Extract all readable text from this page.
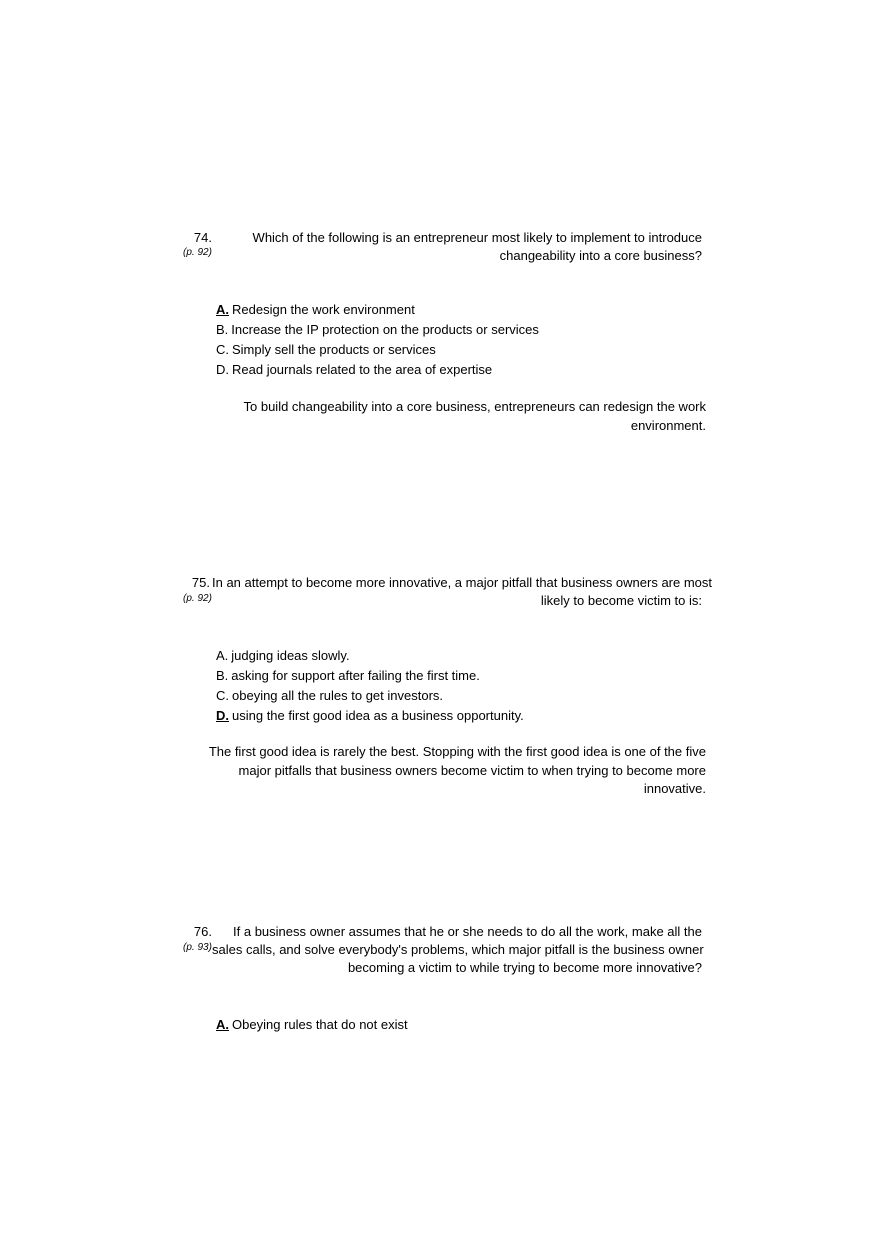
74.
(p. 92)
Which of the following is an entrepreneur most likely to implement to introduce
changeability into a core business?
A. Redesign the work environment
B. Increase the IP protection on the products or services
C. Simply sell the products or services
D. Read journals related to the area of expertise
To build changeability into a core business, entrepreneurs can redesign the work
environment.
75.
(p. 92)
In an attempt to become more innovative, a major pitfall that business owners are most
likely to become victim to is:
A. judging ideas slowly.
B. asking for support after failing the first time.
C. obeying all the rules to get investors.
D. using the first good idea as a business opportunity.
The first good idea is rarely the best. Stopping with the first good idea is one of the five
major pitfalls that business owners become victim to when trying to become more
innovative.
76.
(p. 93)
If a business owner assumes that he or she needs to do all the work, make all the
sales calls, and solve everybody's problems, which major pitfall is the business owner
becoming a victim to while trying to become more innovative?
A. Obeying rules that do not exist
